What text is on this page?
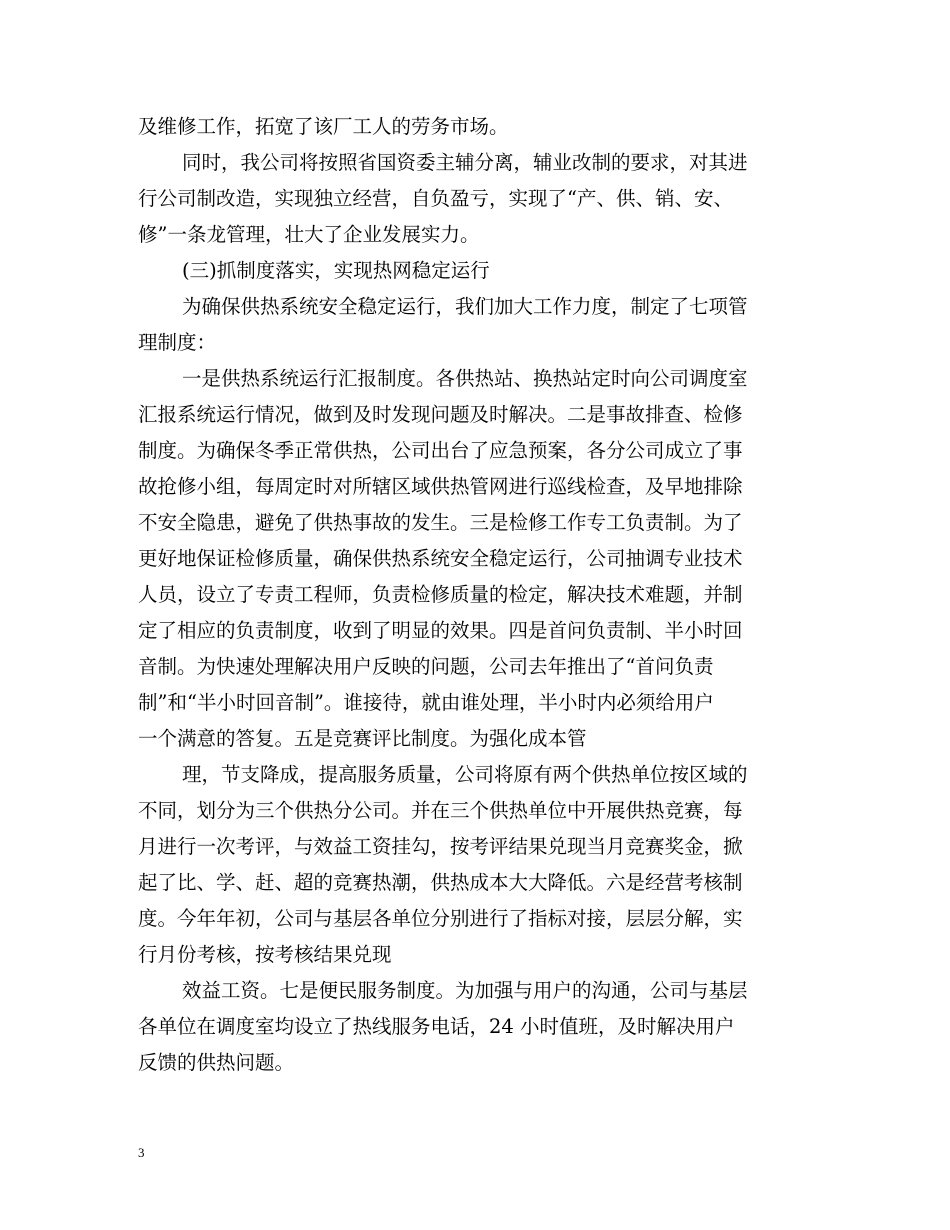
及维修工作，拓宽了该厂工人的劳务市场。
同时，我公司将按照省国资委主辅分离，辅业改制的要求，对其进
行公司制改造，实现独立经营，自负盈亏，实现了“产、供、销、安、
修”一条龙管理，壮大了企业发展实力。
(三)抓制度落实，实现热网稳定运行
为确保供热系统安全稳定运行，我们加大工作力度，制定了七项管
理制度：
一是供热系统运行汇报制度。各供热站、换热站定时向公司调度室
汇报系统运行情况，做到及时发现问题及时解决。二是事故排查、检修
制度。为确保冬季正常供热，公司出台了应急预案，各分公司成立了事
故抢修小组，每周定时对所辖区域供热管网进行巡线检查，及早地排除
不安全隐患，避免了供热事故的发生。三是检修工作专工负责制。为了
更好地保证检修质量，确保供热系统安全稳定运行，公司抽调专业技术
人员，设立了专责工程师，负责检修质量的检定，解决技术难题，并制
定了相应的负责制度，收到了明显的效果。四是首问负责制、半小时回
音制。为快速处理解决用户反映的问题，公司去年推出了“首问负责
制”和“半小时回音制”。谁接待，就由谁处理，半小时内必须给用户
一个满意的答复。五是竞赛评比制度。为强化成本管
理，节支降成，提高服务质量，公司将原有两个供热单位按区域的
不同，划分为三个供热分公司。并在三个供热单位中开展供热竞赛，每
月进行一次考评，与效益工资挂勾，按考评结果兑现当月竞赛奖金，掀
起了比、学、赶、超的竞赛热潮，供热成本大大降低。六是经营考核制
度。今年年初，公司与基层各单位分别进行了指标对接，层层分解，实
行月份考核，按考核结果兑现
效益工资。七是便民服务制度。为加强与用户的沟通，公司与基层
各单位在调度室均设立了热线服务电话，24 小时值班，及时解决用户
反馈的供热问题。
3
